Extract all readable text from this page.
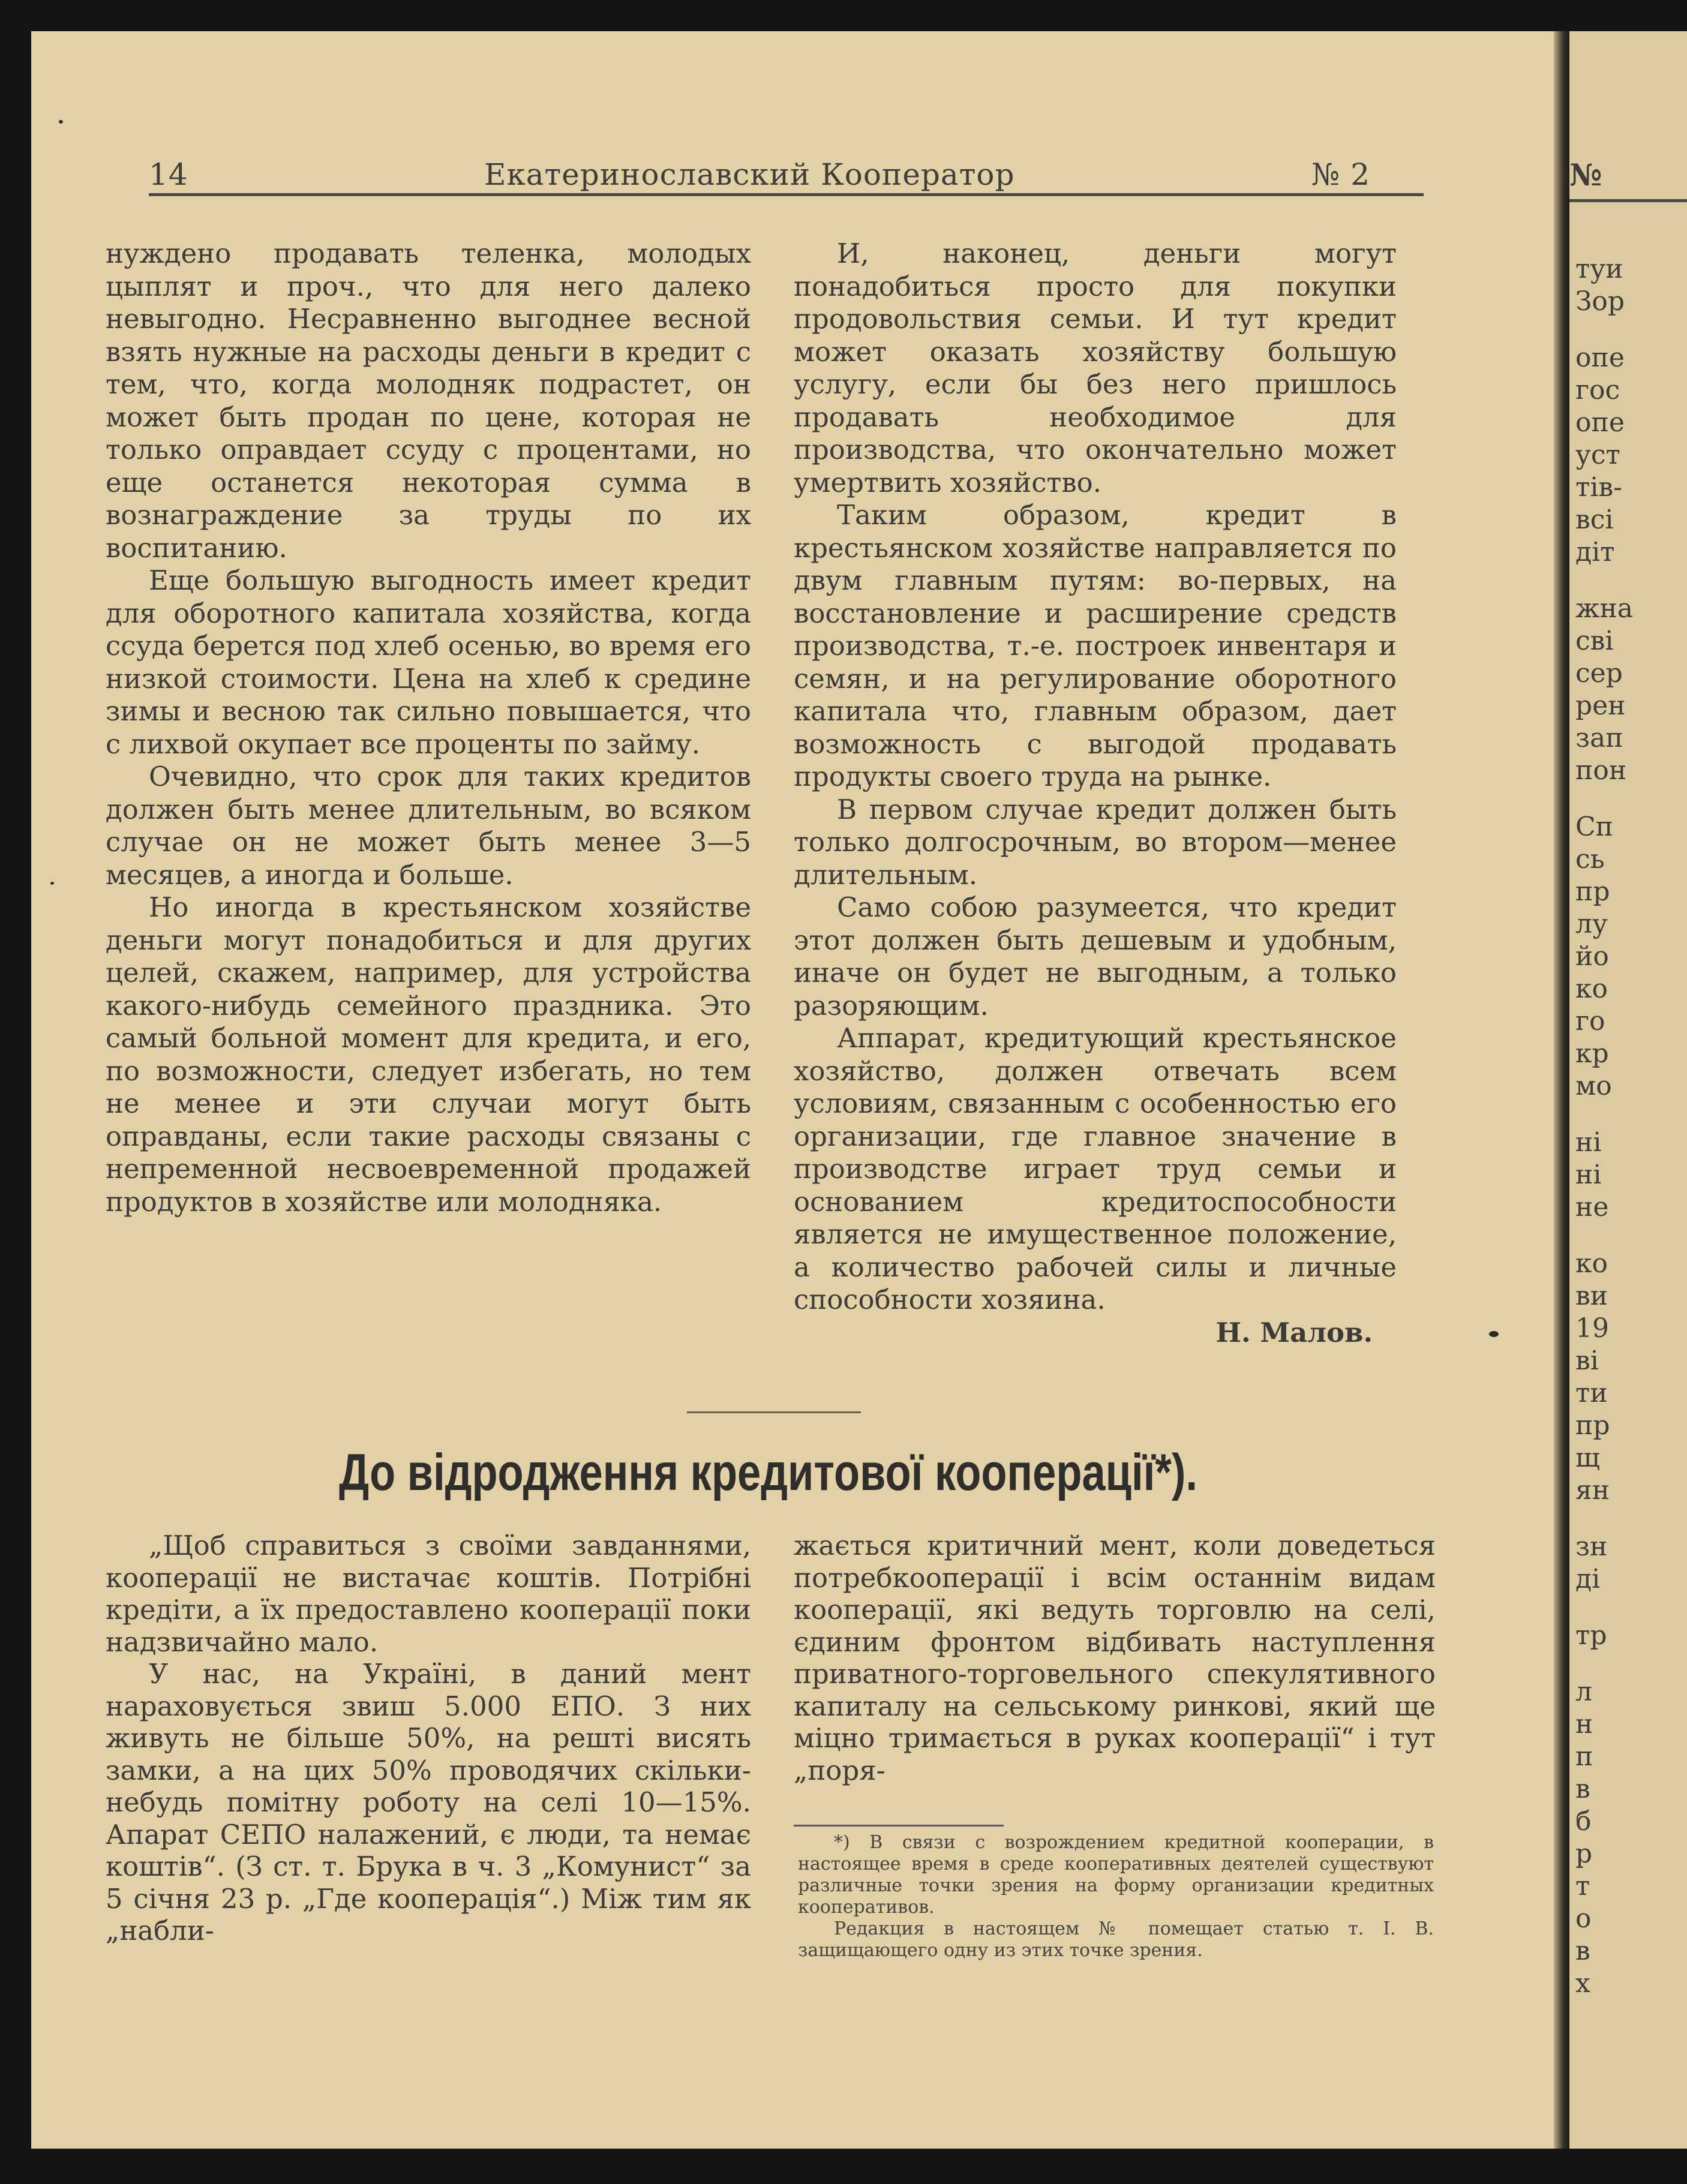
№
туи
Зор
опе
гос
опе
уст
тів-
всі
діт
жна
сві
сер
рен
зап
пон
Сп
сь
пр
лу
йо
ко
го
кр
мо
ні
ні
не
ко
ви
19
ві
ти
пр
щ
ян
зн
ді
тр
л
н
п
в
б
р
т
о
в
х
14	Екатеринославский Кооператор	№ 2

нуждено продавать теленка, молодых цыплят и проч., что для него далеко невыгодно. Несравненно выгоднее весной взять нужные на расходы деньги в кредит с тем, что, когда молодняк подрастет, он может быть продан по цене, которая не только оправдает ссуду с процентами, но еще останется некоторая сумма в вознаграждение за труды по их воспитанию.

Еще большую выгодность имеет кредит для оборотного капитала хозяйства, когда ссуда берется под хлеб осенью, во время его низкой стоимости. Цена на хлеб к средине зимы и весною так сильно повышается, что с лихвой окупает все проценты по займу.

Очевидно, что срок для таких кредитов должен быть менее длительным, во всяком случае он не может быть менее 3—5 месяцев, а иногда и больше.

Но иногда в крестьянском хозяйстве деньги могут понадобиться и для других целей, скажем, например, для устройства какого-нибудь семейного праздника. Это самый больной момент для кредита, и его, по возможности, следует избегать, но тем не менее и эти случаи могут быть оправданы, если такие расходы связаны с непременной несвоевременной продажей продуктов в хозяйстве или молодняка.

И, наконец, деньги могут понадобиться просто для покупки продовольствия семьи. И тут кредит может оказать хозяйству большую услугу, если бы без него пришлось продавать необходимое для производства, что окончательно может умертвить хозяйство.

Таким образом, кредит в крестьянском хозяйстве направляется по двум главным путям: во-первых, на восстановление и расширение средств производства, т.-е. построек инвентаря и семян, и на регулирование оборотного капитала что, главным образом, дает возможность с выгодой продавать продукты своего труда на рынке.

В первом случае кредит должен быть только долгосрочным, во втором—менее длительным.

Само собою разумеется, что кредит этот должен быть дешевым и удобным, иначе он будет не выгодным, а только разоряющим.

Аппарат, кредитующий крестьянское хозяйство, должен отвечать всем условиям, связанным с особенностью его организации, где главное значение в производстве играет труд семьи и основанием кредитоспособности является не имущественное положение, а количество рабочей силы и личные способности хозяина.

Н. Малов.

До відродження кредитової кооперації*).

„Щоб справиться з своїми завданнями, кооперації не вистачає коштів. Потрібні кредіти, а їх предоставлено кооперації поки надзвичайно мало.

У нас, на Україні, в даний мент нараховується звиш 5.000 ЕПО. З них живуть не більше 50%, на решті висять замки, а на цих 50% проводячих скільки-небудь помітну роботу на селі 10—15%. Апарат СЕПО налажений, є люди, та немає коштів“. (З ст. т. Брука в ч. 3 „Комунист“ за 5 січня 23 р. „Где кооперація“.) Між тим як „набли-

жається критичний мент, коли доведеться потребкооперації і всім останнім видам кооперації, які ведуть торговлю на селі, єдиним фронтом відбивать наступлення приватного-торговельного спекулятивного капиталу на сельському ринкові, який ще міцно тримається в руках кооперації“ і тут „поря-

*) В связи с возрождением кредитной кооперации, в настоящее время в среде кооперативных деятелей существуют различные точки зрения на форму организации кредитных кооперативов.

Редакция в настоящем № помещает статью т. І. В. защищающего одну из этих точке зрения.
